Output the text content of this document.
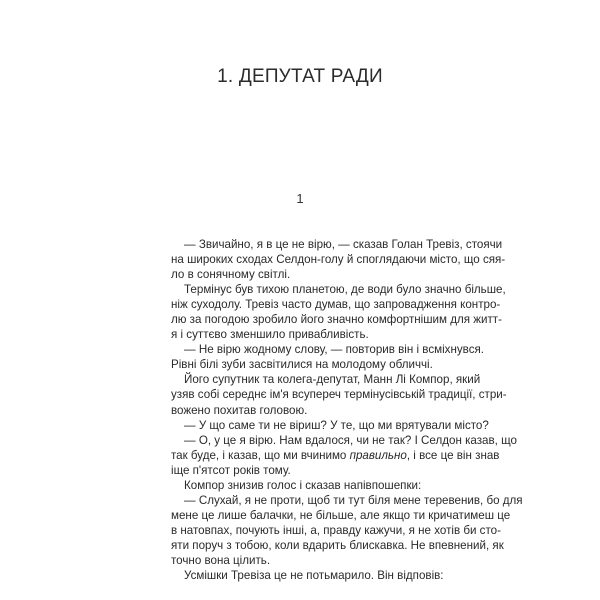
1. ДЕПУТАТ РАДИ
1

— Звичайно, я в це не вірю, — сказав Голан Тревіз, стоячи
на широких сходах Селдон-голу й споглядаючи місто, що сяя-
ло в сонячному світлі.

Термінус був тихою планетою, де води було значно більше,
ніж суходолу. Тревіз часто думав, що запровадження контро-
лю за погодою зробило його значно комфортнішим для житт-
я і суттєво зменшило привабливість.

— Не вірю жодному слову, — повторив він і всміхнувся.
Рівні білі зуби засвітилися на молодому обличчі.

Його супутник та колега-депутат, Манн Лі Компор, який
узяв собі середнє ім'я всупереч термінусівській традиції, стри-
вожено похитав головою.

— У що саме ти не віриш? У те, що ми врятували місто?

— О, у це я вірю. Нам вдалося, чи не так? І Селдон казав, що
так буде, і казав, що ми вчинимо правильно, і все це він знав
іще п'ятсот років тому.

Компор знизив голос і сказав напівпошепки:

— Слухай, я не проти, щоб ти тут біля мене теревенив, бо для
мене це лише балачки, не більше, але якщо ти кричатимеш це
в натовпах, почують інші, а, правду кажучи, я не хотів би сто-
яти поруч з тобою, коли вдарить блискавка. Не впевнений, як
точно вона цілить.

Усмішки Тревіза це не потьмарило. Він відповів:
